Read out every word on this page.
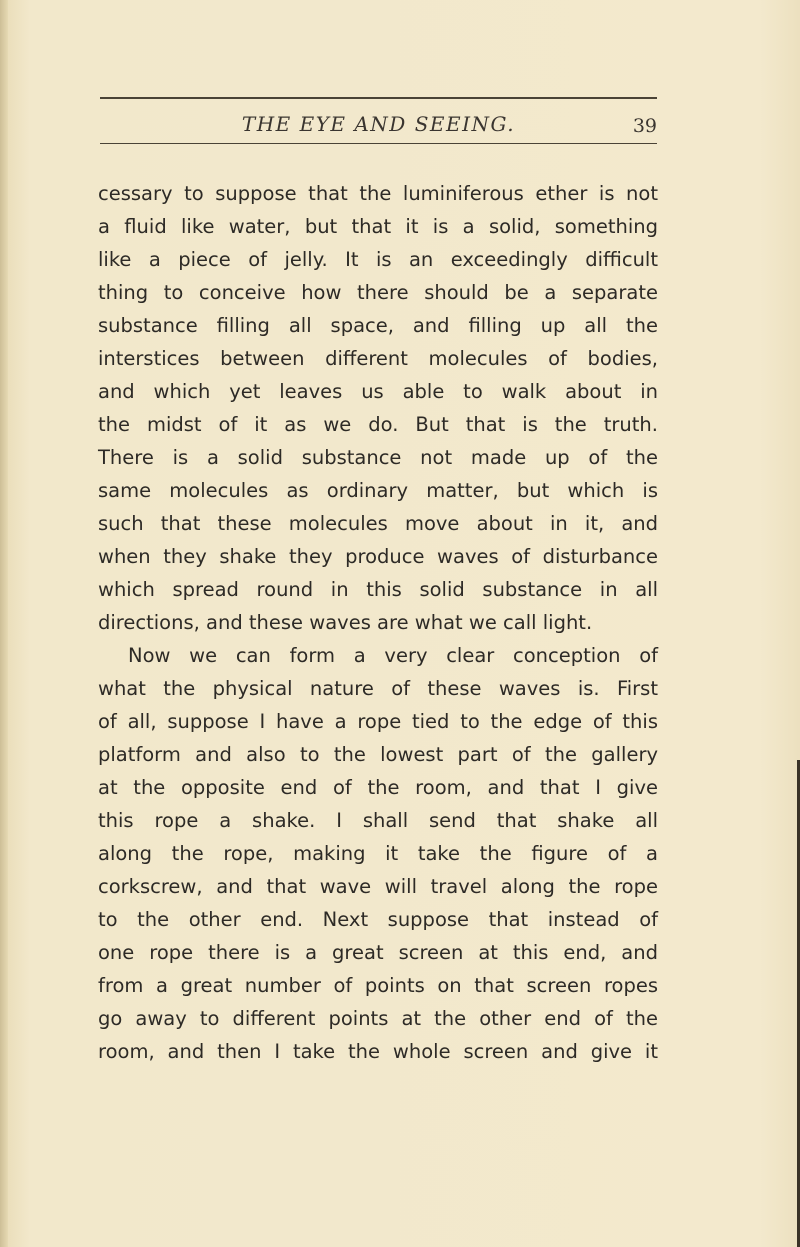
THE EYE AND SEEING.	39
cessary to suppose that the luminiferous ether is not
a fluid like water, but that it is a solid, something
like a piece of jelly. It is an exceedingly difficult
thing to conceive how there should be a separate
substance filling all space, and filling up all the
interstices between different molecules of bodies,
and which yet leaves us able to walk about in
the midst of it as we do. But that is the truth.
There is a solid substance not made up of the
same molecules as ordinary matter, but which is
such that these molecules move about in it, and
when they shake they produce waves of disturbance
which spread round in this solid substance in all
directions, and these waves are what we call light.
Now we can form a very clear conception of
what the physical nature of these waves is. First
of all, suppose I have a rope tied to the edge of this
platform and also to the lowest part of the gallery
at the opposite end of the room, and that I give
this rope a shake. I shall send that shake all
along the rope, making it take the figure of a
corkscrew, and that wave will travel along the rope
to the other end. Next suppose that instead of
one rope there is a great screen at this end, and
from a great number of points on that screen ropes
go away to different points at the other end of the
room, and then I take the whole screen and give it
